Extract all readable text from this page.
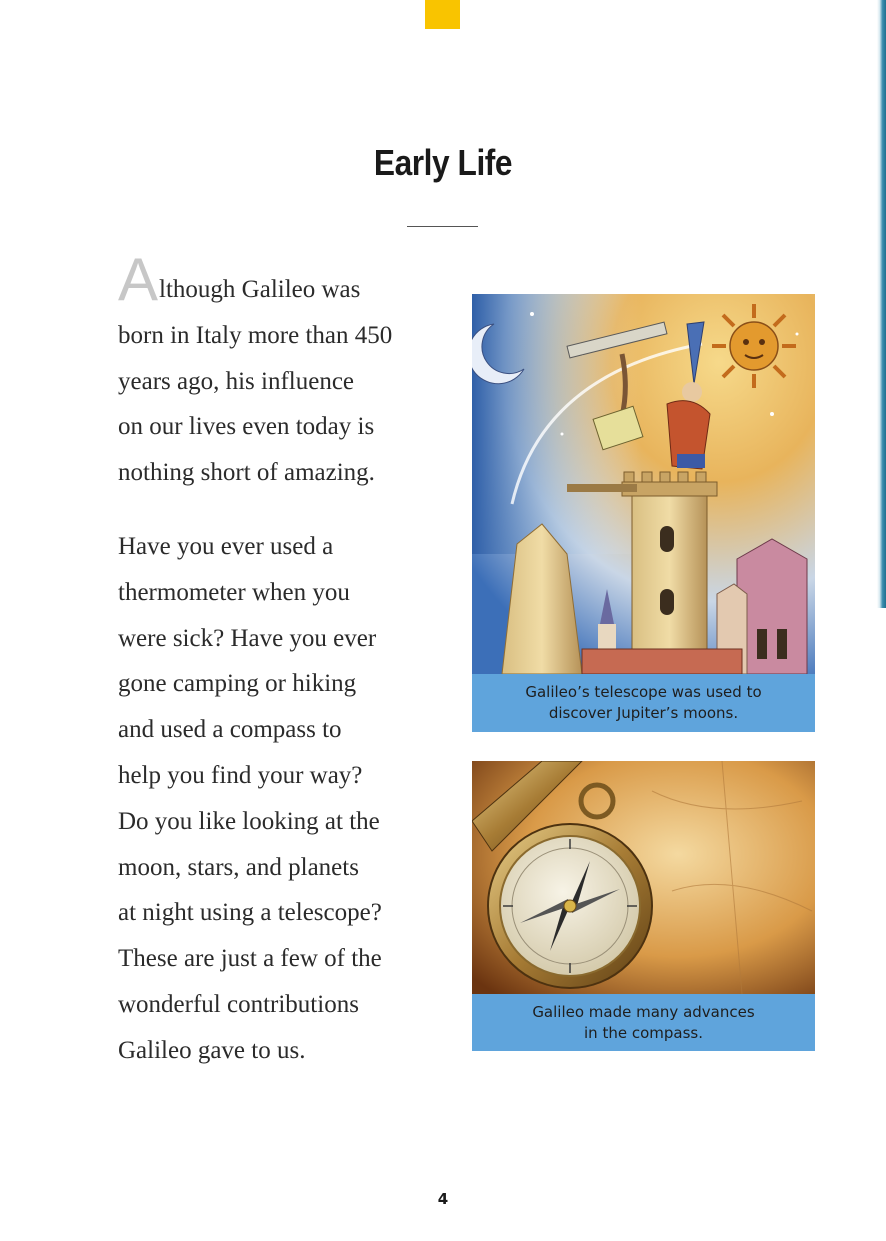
Early Life

Although Galileo was
born in Italy more than 450
years ago, his influence
on our lives even today is
nothing short of amazing.

Have you ever used a
thermometer when you
were sick? Have you ever
gone camping or hiking
and used a compass to
help you find your way?
Do you like looking at the
moon, stars, and planets
at night using a telescope?
These are just a few of the
wonderful contributions
Galileo gave to us.

Galileo’s telescope was used to
discover Jupiter’s moons.
Galileo made many advances
in the compass.
4
